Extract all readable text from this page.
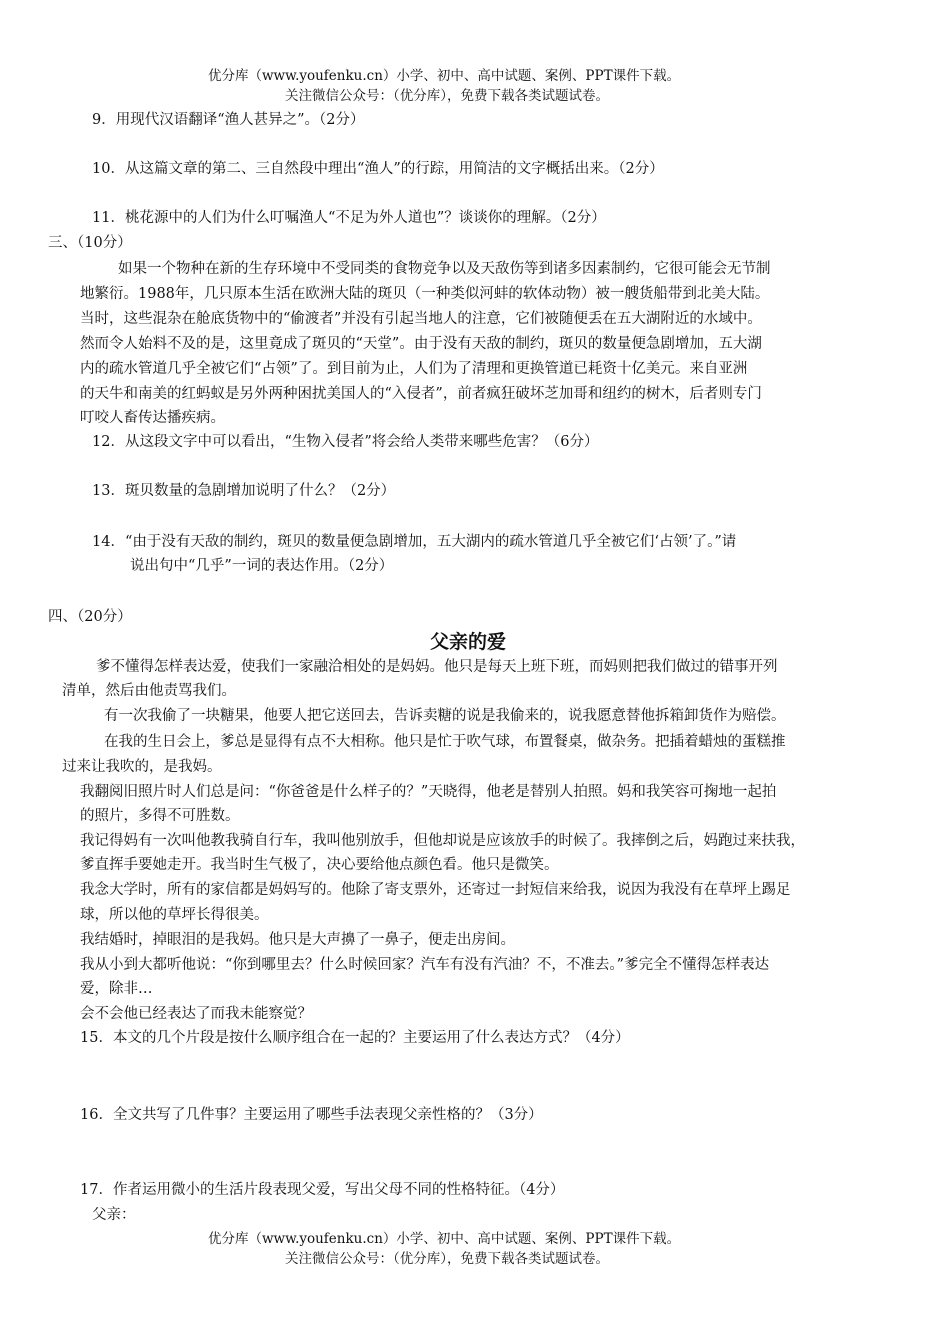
优分库（www.youfenku.cn）小学、初中、高中试题、案例、PPT课件下载。
关注微信公众号：（优分库），免费下载各类试题试卷。
9．用现代汉语翻译“渔人甚异之”。（2分）
10．从这篇文章的第二、三自然段中理出“渔人”的行踪，用简洁的文字概括出来。（2分）
11．桃花源中的人们为什么叮嘱渔人“不足为外人道也”？谈谈你的理解。（2分）
三、（10分）
如果一个物种在新的生存环境中不受同类的食物竞争以及天敌伤等到诸多因素制约，它很可能会无节制
地繁衍。1988年，几只原本生活在欧洲大陆的斑贝（一种类似河蚌的软体动物）被一艘货船带到北美大陆。
当时，这些混杂在舱底货物中的“偷渡者”并没有引起当地人的注意，它们被随便丢在五大湖附近的水域中。
然而令人始料不及的是，这里竟成了斑贝的“天堂”。由于没有天敌的制约，斑贝的数量便急剧增加，五大湖
内的疏水管道几乎全被它们“占领”了。到目前为止，人们为了清理和更换管道已耗资十亿美元。来自亚洲
的天牛和南美的红蚂蚁是另外两种困扰美国人的“入侵者”，前者疯狂破坏芝加哥和纽约的树木，后者则专门
叮咬人畜传达播疾病。
12．从这段文字中可以看出，“生物入侵者”将会给人类带来哪些危害？（6分）
13．斑贝数量的急剧增加说明了什么？（2分）
14．“由于没有天敌的制约，斑贝的数量便急剧增加，五大湖内的疏水管道几乎全被它们‘占领’了。”请
说出句中“几乎”一词的表达作用。（2分）
四、（20分）
父亲的爱
爹不懂得怎样表达爱，使我们一家融洽相处的是妈妈。他只是每天上班下班，而妈则把我们做过的错事开列
清单，然后由他责骂我们。
有一次我偷了一块糖果，他要人把它送回去，告诉卖糖的说是我偷来的，说我愿意替他拆箱卸货作为赔偿。
在我的生日会上，爹总是显得有点不大相称。他只是忙于吹气球，布置餐桌，做杂务。把插着蜡烛的蛋糕推
过来让我吹的，是我妈。
我翻阅旧照片时人们总是问：“你爸爸是什么样子的？”天晓得，他老是替别人拍照。妈和我笑容可掬地一起拍
的照片，多得不可胜数。
我记得妈有一次叫他教我骑自行车，我叫他别放手，但他却说是应该放手的时候了。我摔倒之后，妈跑过来扶我，
爹直挥手要她走开。我当时生气极了，决心要给他点颜色看。他只是微笑。
我念大学时，所有的家信都是妈妈写的。他除了寄支票外，还寄过一封短信来给我，说因为我没有在草坪上踢足
球，所以他的草坪长得很美。
我结婚时，掉眼泪的是我妈。他只是大声擤了一鼻子，便走出房间。
我从小到大都听他说：“你到哪里去？什么时候回家？汽车有没有汽油？不，不准去。”爹完全不懂得怎样表达
爱，除非…
会不会他已经表达了而我未能察觉？
15．本文的几个片段是按什么顺序组合在一起的？主要运用了什么表达方式？（4分）
16．全文共写了几件事？主要运用了哪些手法表现父亲性格的？（3分）
17．作者运用微小的生活片段表现父爱，写出父母不同的性格特征。（4分）
父亲：
优分库（www.youfenku.cn）小学、初中、高中试题、案例、PPT课件下载。
关注微信公众号：（优分库），免费下载各类试题试卷。
